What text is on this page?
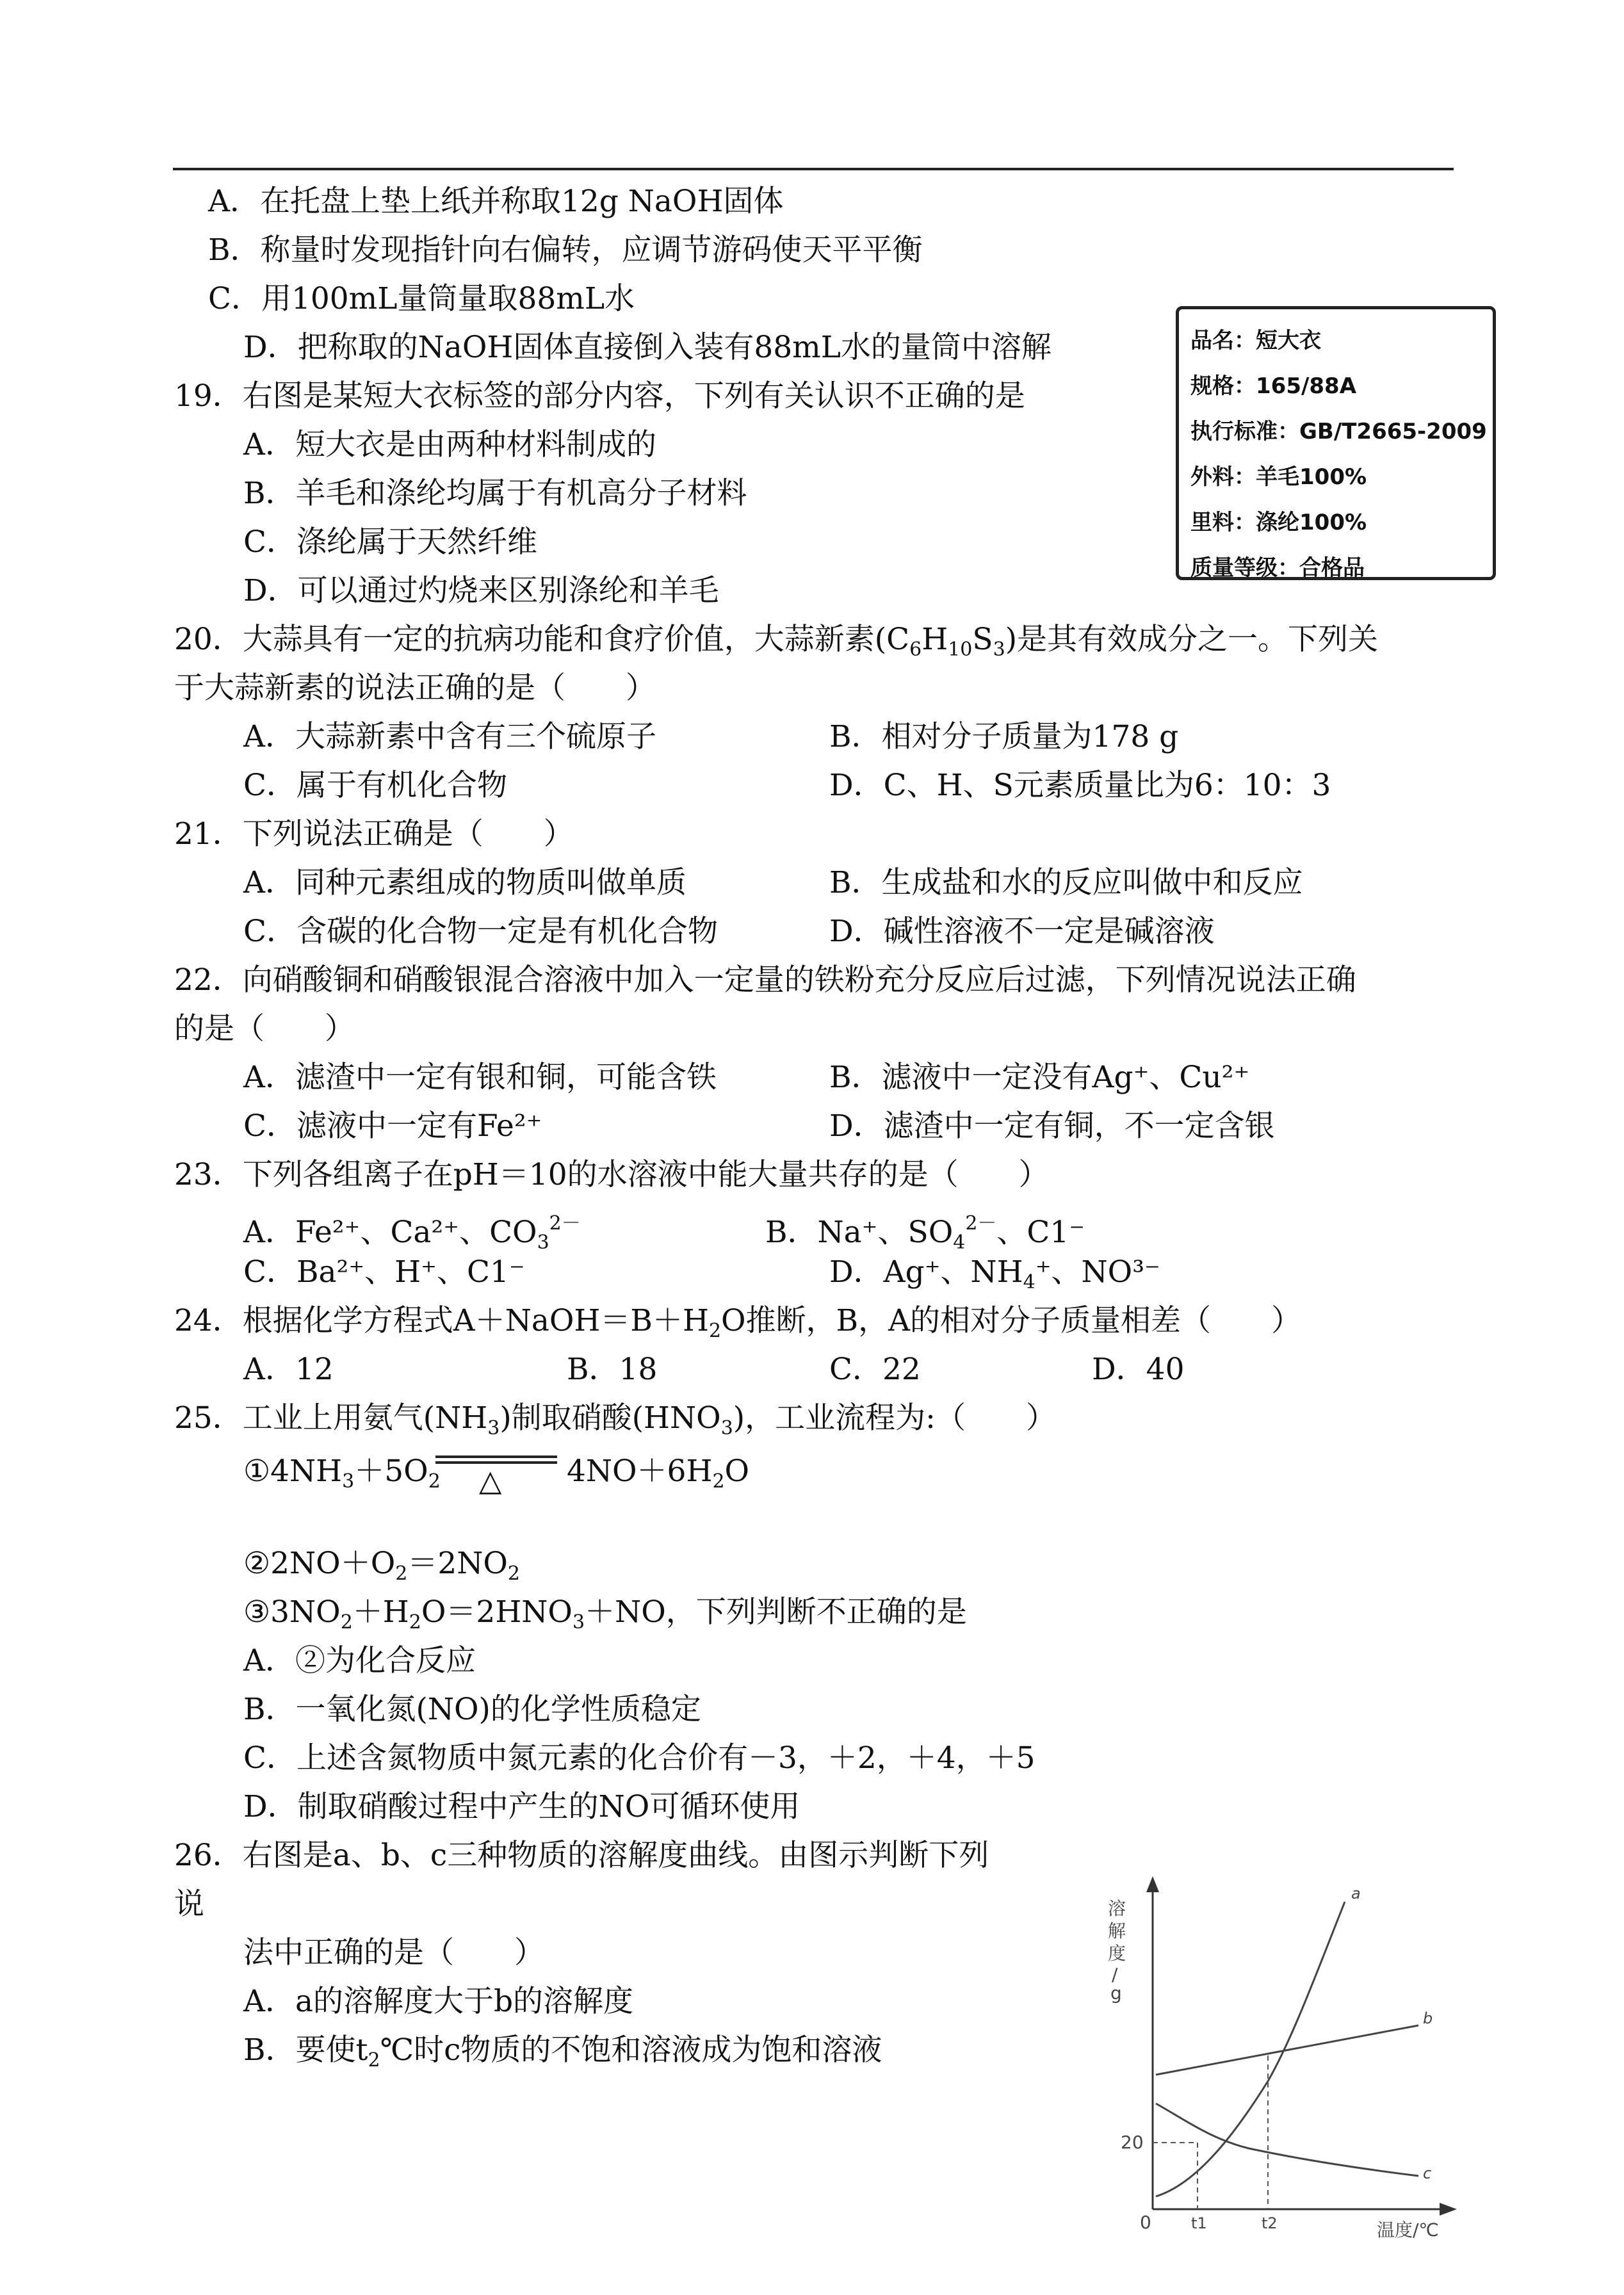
A．在托盘上垫上纸并称取12g NaOH固体
B．称量时发现指针向右偏转，应调节游码使天平平衡
C．用100mL量筒量取88mL水
D．把称取的NaOH固体直接倒入装有88mL水的量筒中溶解
19．右图是某短大衣标签的部分内容，下列有关认识不正确的是
A．短大衣是由两种材料制成的
B．羊毛和涤纶均属于有机高分子材料
C．涤纶属于天然纤维
D．可以通过灼烧来区别涤纶和羊毛
品名：短大衣
规格：165/88A
执行标准：GB/T2665-2009
外料：羊毛100%
里料：涤纶100%
质量等级：合格品
20．大蒜具有一定的抗病功能和食疗价值，大蒜新素$(C_6H_{10}S_3)$是其有效成分之一。下列关
于大蒜新素的说法正确的是（　　）
A．大蒜新素中含有三个硫原子	B．相对分子质量为178 g
C．属于有机化合物	D．C、H、S元素质量比为6：10：3
21．下列说法正确是（　　）
A．同种元素组成的物质叫做单质	B．生成盐和水的反应叫做中和反应
C．含碳的化合物一定是有机化合物	D．碱性溶液不一定是碱溶液
22．向硝酸铜和硝酸银混合溶液中加入一定量的铁粉充分反应后过滤，下列情况说法正确
的是（　　）
A．滤渣中一定有银和铜，可能含铁	B．滤液中一定没有Ag⁺、Cu²⁺
C．滤液中一定有Fe²⁺	D．滤渣中一定有铜，不一定含银
23．下列各组离子在pH＝10的水溶液中能大量共存的是（　　）
A．Fe²⁺、Ca²⁺、$CO_3^{2-}$	B．Na⁺、$SO_4^{2-}$、C1⁻
C．Ba²⁺、H⁺、C1⁻	D．Ag⁺、$NH_4^+$、NO³⁻
24．根据化学方程式$A+NaOH=B+H_2O$推断，B，A的相对分子质量相差（　　）
A．12	B．18	C．22	D．40
25．工业上用氨气$(NH_3)$制取硝酸$(HNO_3)$，工业流程为:（　　）
$①4NH_3+5O_2$ △ $4NO+6H_2O$
$②2NO+O_2=2NO_2$
$③3NO_2+H_2O=2HNO_3+NO$，下列判断不正确的是
A．②为化合反应
B．一氧化氮(NO)的化学性质稳定
C．上述含氮物质中氮元素的化合价有－3，＋2，＋4，＋5
D．制取硝酸过程中产生的NO可循环使用
26．右图是a、b、c三种物质的溶解度曲线。由图示判断下列
说
法中正确的是（　　）
A．a的溶解度大于b的溶解度
B．要使$t_2℃$时c物质的不饱和溶液成为饱和溶液
溶
解
度
/
g
20
0	t1	t2	温度/℃
a
b
c
